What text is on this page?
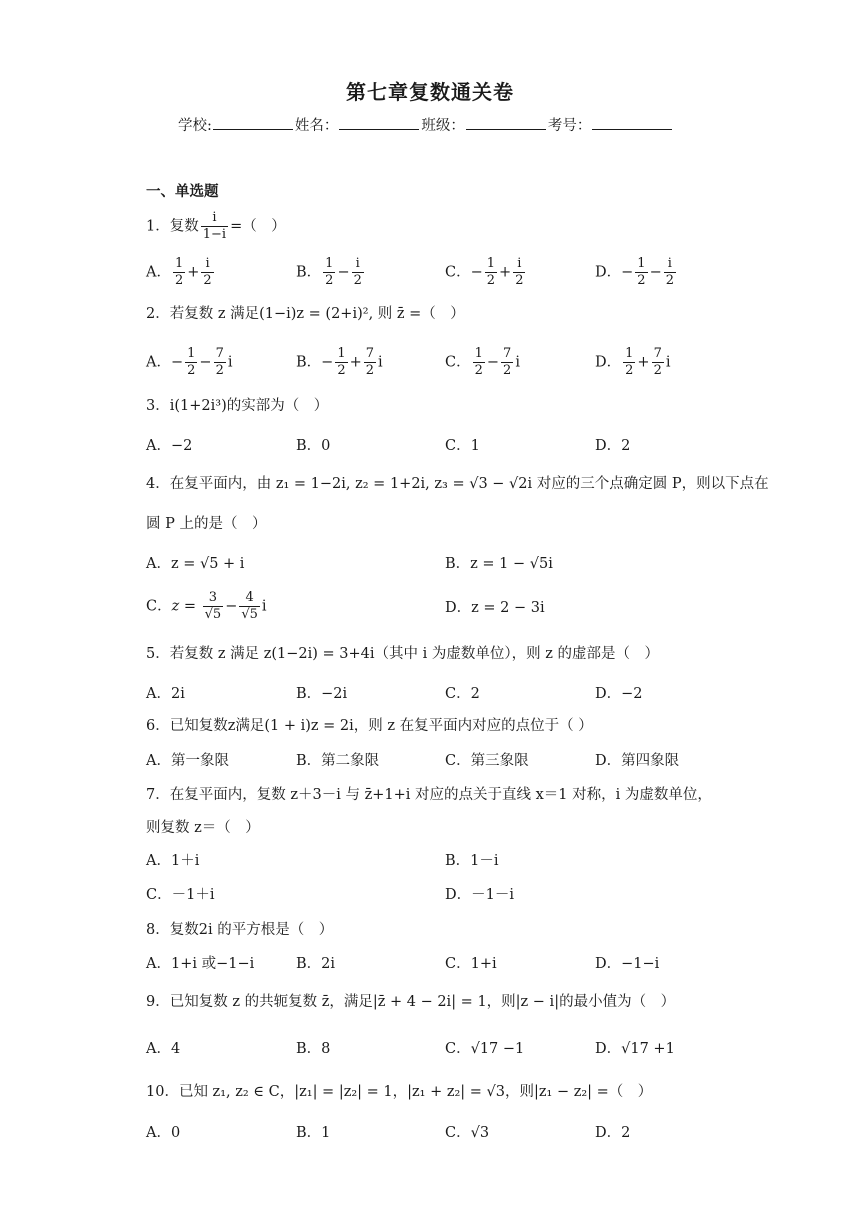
第七章复数通关卷
学校:	姓名：	班级：	考号：
一、单选题
1．复数 $\frac{i}{1-i}$ =（　）
A． $\frac{1}{2} + \frac{i}{2}$	B． $\frac{1}{2} - \frac{i}{2}$	C．− $\frac{1}{2} + \frac{i}{2}$	D．− $\frac{1}{2} - \frac{i}{2}$
2．若复数 z 满足(1−i)z = (2+i)², 则 z̄ =（　）
A．− $\frac{1}{2} - \frac{7}{2}$ i	B．− $\frac{1}{2} + \frac{7}{2}$ i	C． $\frac{1}{2} - \frac{7}{2}$ i	D． $\frac{1}{2} + \frac{7}{2}$ i
3．i(1+2i³)的实部为（　）
A．−2	B．0	C．1	D．2
4．在复平面内，由 z₁ = 1−2i, z₂ = 1+2i, z₃ = √3 − √2i 对应的三个点确定圆 P，则以下点在
圆 P 上的是（　）
A．z = √5 + i	B．z = 1 − √5i
C．$z = \frac{3}{√5} - \frac{4}{√5}$ i	D．z = 2 − 3i
5．若复数 z 满足 z(1−2i) = 3+4i（其中 i 为虚数单位），则 z 的虚部是（　）
A．2i	B．−2i	C．2	D．−2
6．已知复数z满足(1 + i)z = 2i，则 z 在复平面内对应的点位于（ ）
A．第一象限	B．第二象限	C．第三象限	D．第四象限
7．在复平面内，复数 z＋3－i 与 z̄+1+i 对应的点关于直线 x＝1 对称，i 为虚数单位，
则复数 z＝（　）
A．1＋i	B．1－i
C．－1＋i	D．－1－i
8．复数2i 的平方根是（　）
A．1+i 或−1−i	B．2i	C．1+i	D．−1−i
9．已知复数 z 的共轭复数 z̄，满足|z̄ + 4 − 2i| = 1，则|z − i|的最小值为（　）
A．4	B．8	C．√17 −1	D．√17 +1
10．已知 z₁, z₂ ∈ C，|z₁| = |z₂| = 1，|z₁ + z₂| = √3，则|z₁ − z₂| =（　）
A．0	B．1	C．√3	D．2
